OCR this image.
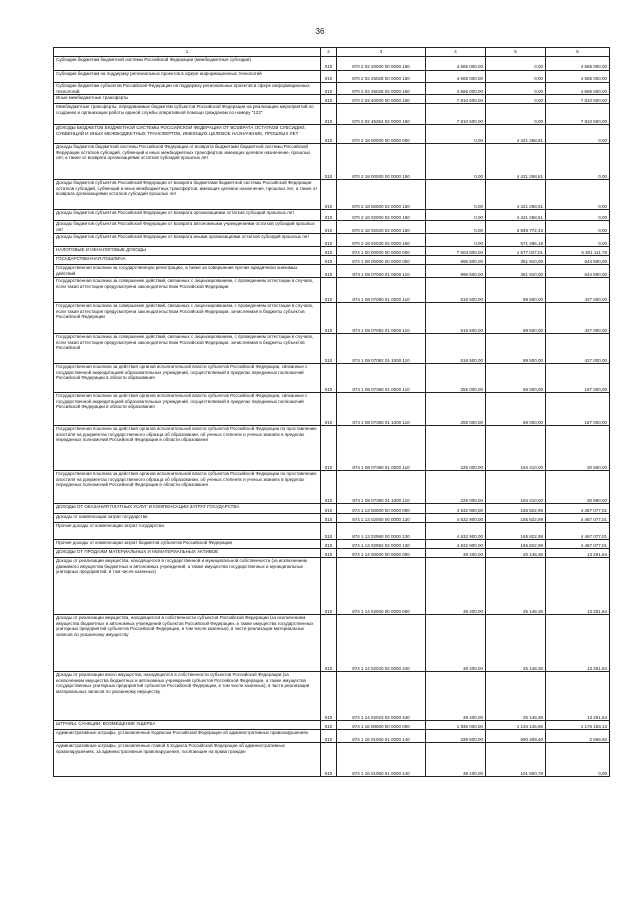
36
1	2	3	4	5	6
Субсидии бюджетам бюджетной системы Российской Федерации (межбюджетные субсидии)	010	870 2 02 20000 00 0000 150	4 665 000,00	0,00	4 665 000,00
Субсидии бюджетам на поддержку региональных проектов в сфере информационных технологий	010	870 2 02 25028 00 0000 150	4 665 000,00	0,00	4 665 000,00
Субсидии бюджетам субъектов Российской Федерации на поддержку региональных проектов в сфере информационных технологий	010	870 2 02 25028 02 0000 150	4 665 000,00	0,00	4 665 000,00
Иные межбюджетные трансферты	010	870 2 02 40000 00 0000 150	7 810 600,00	0,00	7 810 600,00
Межбюджетные трансферты, передаваемые бюджетам субъектов Российской Федерации на реализацию мероприятий по созданию и организации работы единой службы оперативной помощи гражданам по номеру "122"	010	870 2 02 45354 02 0000 150	7 810 600,00	0,00	7 810 600,00
ДОХОДЫ БЮДЖЕТОВ БЮДЖЕТНОЙ СИСТЕМЫ РОССИЙСКОЙ ФЕДЕРАЦИИ ОТ ВОЗВРАТА ОСТАТКОВ СУБСИДИЙ, СУБВЕНЦИЙ И ИНЫХ МЕЖБЮДЖЕТНЫХ ТРАНСФЕРТОВ, ИМЕЮЩИХ ЦЕЛЕВОЕ НАЗНАЧЕНИЕ, ПРОШЛЫХ ЛЕТ	010	870 2 18 00000 00 0000 000	0,00	4 421 268,61	0,00
Доходы бюджетов бюджетной системы Российской Федерации от возврата бюджетами бюджетной системы Российской Федерации остатков субсидий, субвенций и иных межбюджетных трансфертов, имеющих целевое назначение, прошлых лет, а также от возврата организациями остатков субсидий прошлых лет	010	870 2 18 00000 00 0000 150	0,00	4 421 268,61	0,00
Доходы бюджетов субъектов Российской Федерации от возврата бюджетами бюджетной системы Российской Федерации остатков субсидий, субвенций и иных межбюджетных трансфертов, имеющих целевое назначение, прошлых лет, а также от возврата организациями остатков субсидий прошлых лет	010	870 2 18 00000 02 0000 150	0,00	4 421 268,61	0,00
Доходы бюджетов субъектов Российской Федерации от возврата организациями остатков субсидий прошлых лет	010	870 2 18 02000 02 0000 150	0,00	4 421 268,61	0,00
Доходы бюджетов субъектов Российской Федерации от возврата автономными учреждениями остатков субсидий прошлых лет	010	870 2 18 02020 02 0000 150	0,00	3 849 772,43	0,00
Доходы бюджетов субъектов Российской Федерации от возврата иными организациями остатков субсидий прошлых лет	010	870 2 18 02030 02 0000 150	0,00	571 496,18	0,00
НАЛОГОВЫЕ И НЕНАЛОГОВЫЕ ДОХОДЫ	010	874 1 00 00000 00 0000 000	7 603 800,00	1 677 027,01	6 301 111,78
ГОСУДАРСТВЕННАЯ ПОШЛИНА	010	874 1 08 00000 00 0000 000	996 500,00	351 910,00	644 590,00
Государственная пошлина за государственную регистрацию, а также за совершение прочих юридически значимых действий	010	874 1 08 07000 01 0000 110	996 500,00	351 910,00	644 590,00
Государственная пошлина за совершение действий, связанных с лицензированием, с проведением аттестации в случаях, если такая аттестация предусмотрена законодательством Российской Федерации	010	874 1 08 07080 01 0000 110	516 500,00	89 500,00	427 000,00
Государственная пошлина за совершение действий, связанных с лицензированием, с проведением аттестации в случаях, если такая аттестация предусмотрена законодательством Российской Федерации, зачисляемая в бюджеты субъектов Российской Федерации	010	874 1 08 07082 01 0000 110	516 500,00	89 500,00	427 000,00
Государственная пошлина за совершение действий, связанных с лицензированием, с проведением аттестации в случаях, если такая аттестация предусмотрена законодательством Российской Федерации, зачисляемая в бюджеты субъектов Российской	010	874 1 08 07082 01 1000 110	516 500,00	89 500,00	427 000,00
Государственная пошлина за действия органов исполнительной власти субъектов Российской Федерации, связанные с государственной аккредитацией образовательных учреждений, осуществляемой в пределах переданных полномочий Российской Федерации в области образования	010	874 1 08 07380 01 0000 110	255 000,00	68 000,00	187 000,00
Государственная пошлина за действия органов исполнительной власти субъектов Российской Федерации, связанные с государственной аккредитацией образовательных учреждений, осуществляемой в пределах переданных полномочий Российской Федерации в области образования	010	874 1 08 07380 01 1000 110	255 000,00	68 000,00	187 000,00
Государственная пошлина за действия органов исполнительной власти субъектов Российской Федерации по проставлению апостиля на документах государственного образца об образовании, об ученых степенях и ученых званиях в пределах переданных полномочий Российской Федерации в области образования	010	874 1 08 07390 01 0000 110	225 000,00	194 410,00	30 590,00
Государственная пошлина за действия органов исполнительной власти субъектов Российской Федерации по проставлению апостиля на документах государственного образца об образовании, об ученых степенях и ученых званиях в пределах переданных полномочий Российской Федерации в области образования	010	874 1 08 07390 01 1000 110	225 000,00	194 410,00	30 590,00
ДОХОДЫ ОТ ОКАЗАНИЯ ПЛАТНЫХ УСЛУГ И КОМПЕНСАЦИИ ЗАТРАТ ГОСУДАРСТВА	010	874 1 13 00000 00 0000 000	4 632 900,00	165 822,99	4 467 077,01
Доходы от компенсации затрат государства	010	874 1 13 02000 00 0000 130	4 632 900,00	165 822,99	4 467 077,01
Прочие доходы от компенсации затрат государства	010	874 1 13 02990 00 0000 130	4 632 900,00	165 822,99	4 467 077,01
Прочие доходы от компенсации затрат бюджетов субъектов Российской Федерации	010	874 1 13 02992 02 0000 130	4 632 900,00	165 822,99	4 467 077,01
ДОХОДЫ ОТ ПРОДАЖИ МАТЕРИАЛЬНЫХ И НЕМАТЕРИАЛЬНЫХ АКТИВОВ	010	874 1 14 00000 00 0000 000	38 400,00	25 148,36	13 251,64
Доходы от реализации имущества, находящегося в государственной и муниципальной собственности (за исключением движимого имущества бюджетных и автономных учреждений, а также имущества государственных и муниципальных унитарных предприятий, в том числе казенных)	010	874 1 14 02000 00 0000 000	38 400,00	25 148,36	13 251,64
Доходы от реализации имущества, находящегося в собственности субъектов Российской Федерации (за исключением имущества бюджетных и автономных учреждений субъектов Российской Федерации, а также имущества государственных унитарных предприятий субъектов Российской Федерации, в том числе казенных), в части реализации материальных запасов по указанному имуществу	010	874 1 14 02020 02 0000 440	38 400,00	25 148,36	13 251,64
Доходы от реализации иного имущества, находящегося в собственности субъектов Российской Федерации (за исключением имущества бюджетных и автономных учреждений субъектов Российской Федерации, а также имущества государственных унитарных предприятий субъектов Российской Федерации, в том числе казенных), в части реализации материальных запасов по указанному имуществу	010	874 1 14 02023 02 0000 440	38 400,00	25 148,36	13 251,64
ШТРАФЫ, САНКЦИИ, ВОЗМЕЩЕНИЕ УЩЕРБА	010	874 1 16 00000 00 0000 000	1 936 000,00	1 134 145,66	1 176 193,13
Административные штрафы, установленные Кодексом Российской Федерации об административных правонарушениях	010	874 1 16 01000 01 0000 140	339 500,00	690 409,40	2 669,60
Административные штрафы, установленные главой 5 Кодекса Российской Федерации об административных правонарушениях, за административные правонарушения, посягающие на права граждан	010	874 1 16 01050 01 0000 140	38 100,00	101 600,76	0,00
